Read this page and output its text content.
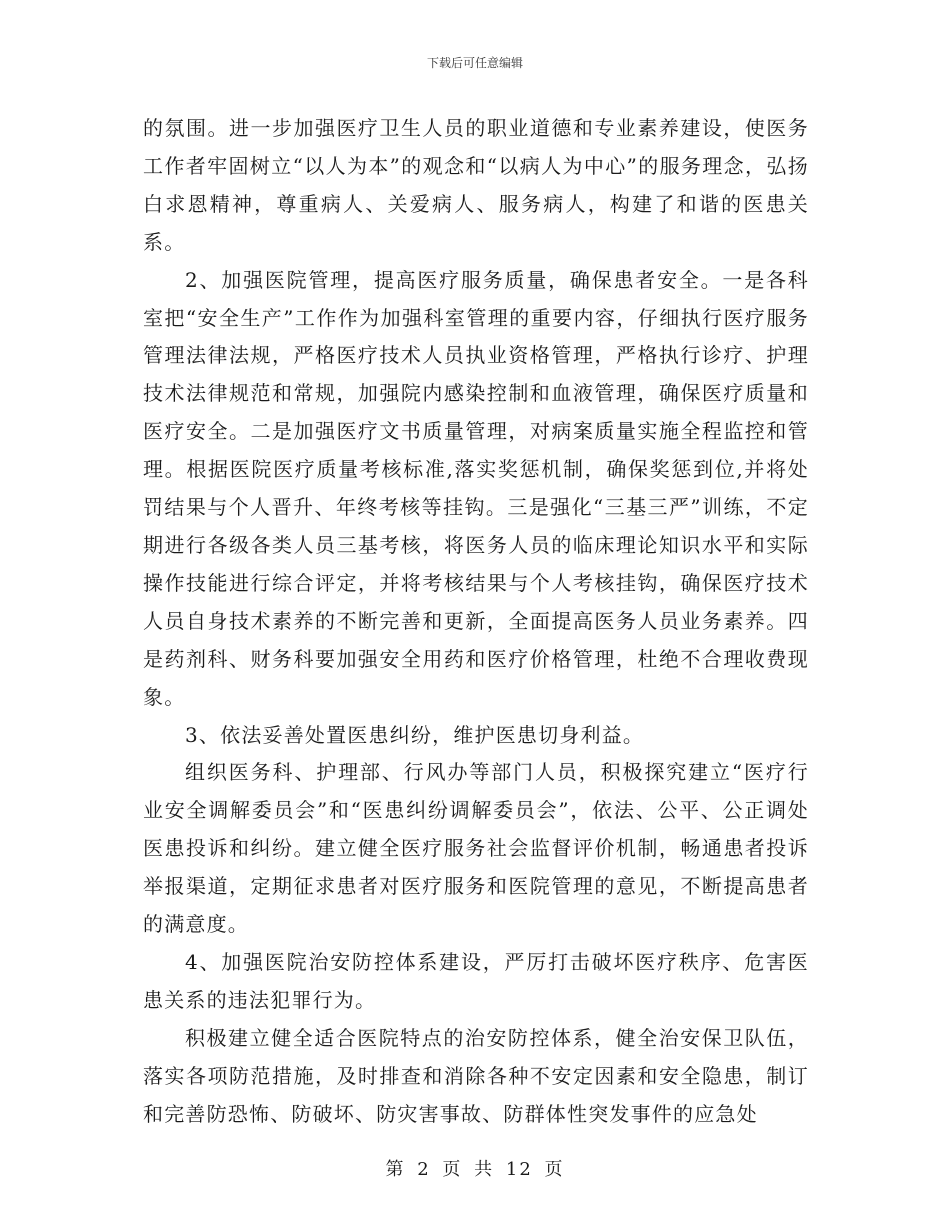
下载后可任意编辑

的氛围。进一步加强医疗卫生人员的职业道德和专业素养建设，使医务工作者牢固树立“以人为本”的观念和“以病人为中心”的服务理念，弘扬白求恩精神，尊重病人、关爱病人、服务病人，构建了和谐的医患关系。

2、加强医院管理，提高医疗服务质量，确保患者安全。一是各科室把“安全生产”工作作为加强科室管理的重要内容，仔细执行医疗服务管理法律法规，严格医疗技术人员执业资格管理，严格执行诊疗、护理技术法律规范和常规，加强院内感染控制和血液管理，确保医疗质量和医疗安全。二是加强医疗文书质量管理，对病案质量实施全程监控和管理。根据医院医疗质量考核标准,落实奖惩机制，确保奖惩到位,并将处罚结果与个人晋升、年终考核等挂钩。三是强化“三基三严”训练，不定期进行各级各类人员三基考核，将医务人员的临床理论知识水平和实际操作技能进行综合评定，并将考核结果与个人考核挂钩，确保医疗技术人员自身技术素养的不断完善和更新，全面提高医务人员业务素养。四是药剂科、财务科要加强安全用药和医疗价格管理，杜绝不合理收费现象。

3、依法妥善处置医患纠纷，维护医患切身利益。

组织医务科、护理部、行风办等部门人员，积极探究建立“医疗行业安全调解委员会”和“医患纠纷调解委员会”，依法、公平、公正调处医患投诉和纠纷。建立健全医疗服务社会监督评价机制，畅通患者投诉举报渠道，定期征求患者对医疗服务和医院管理的意见，不断提高患者的满意度。

4、加强医院治安防控体系建设，严厉打击破坏医疗秩序、危害医患关系的违法犯罪行为。

积极建立健全适合医院特点的治安防控体系，健全治安保卫队伍，落实各项防范措施，及时排查和消除各种不安定因素和安全隐患，制订和完善防恐怖、防破坏、防灾害事故、防群体性突发事件的应急处

第 2 页 共 12 页
